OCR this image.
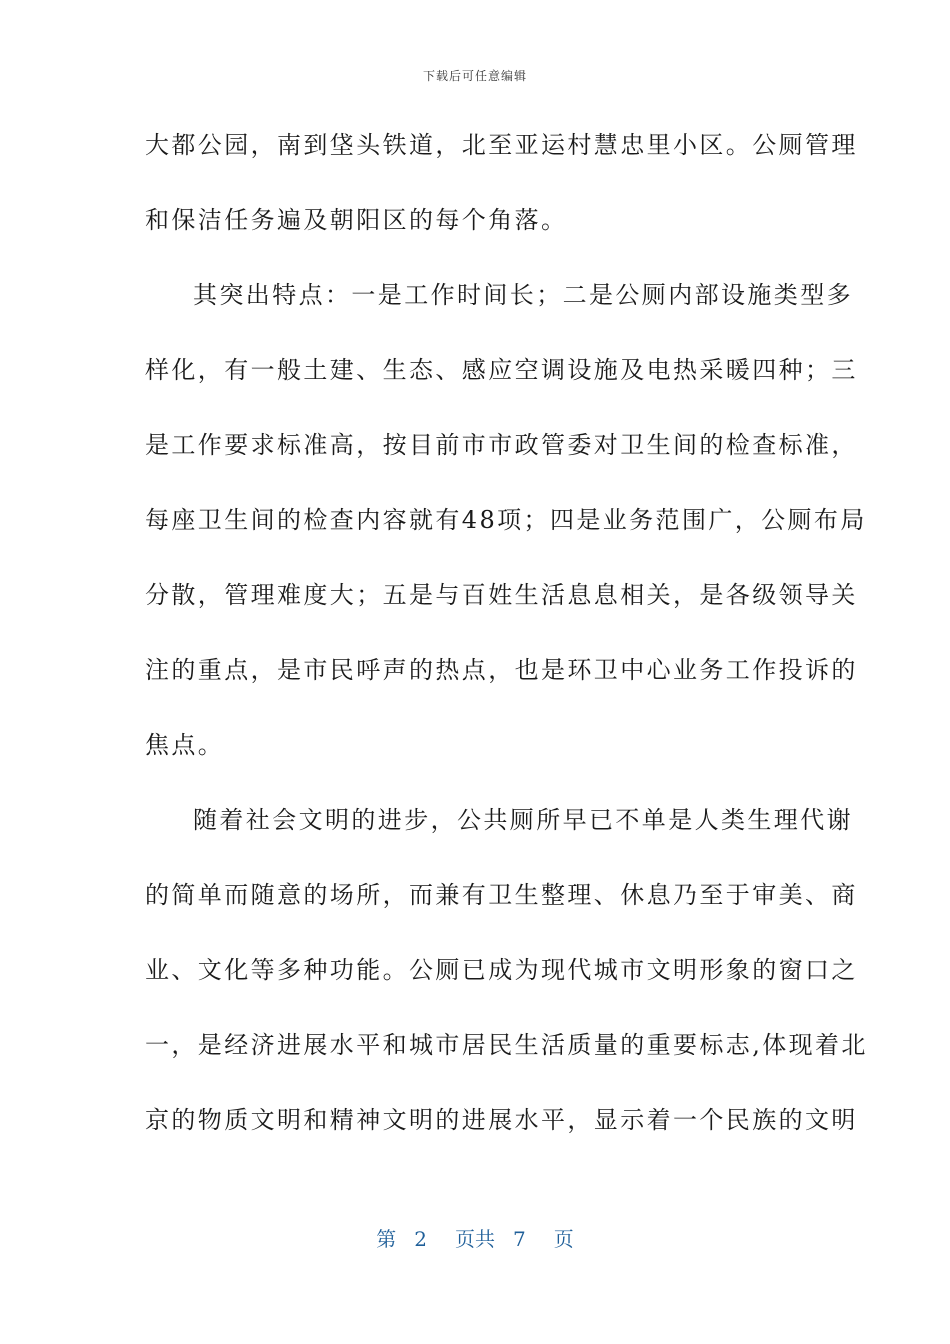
下载后可任意编辑
大都公园，南到垡头铁道，北至亚运村慧忠里小区。公厕管理
和保洁任务遍及朝阳区的每个角落。
其突出特点：一是工作时间长；二是公厕内部设施类型多
样化，有一般土建、生态、感应空调设施及电热采暖四种；三
是工作要求标准高，按目前市市政管委对卫生间的检查标准，
每座卫生间的检查内容就有48项；四是业务范围广，公厕布局
分散，管理难度大；五是与百姓生活息息相关，是各级领导关
注的重点，是市民呼声的热点，也是环卫中心业务工作投诉的
焦点。
随着社会文明的进步，公共厕所早已不单是人类生理代谢
的简单而随意的场所，而兼有卫生整理、休息乃至于审美、商
业、文化等多种功能。公厕已成为现代城市文明形象的窗口之
一，是经济进展水平和城市居民生活质量的重要标志,体现着北
京的物质文明和精神文明的进展水平，显示着一个民族的文明
第 2 页共 7 页
